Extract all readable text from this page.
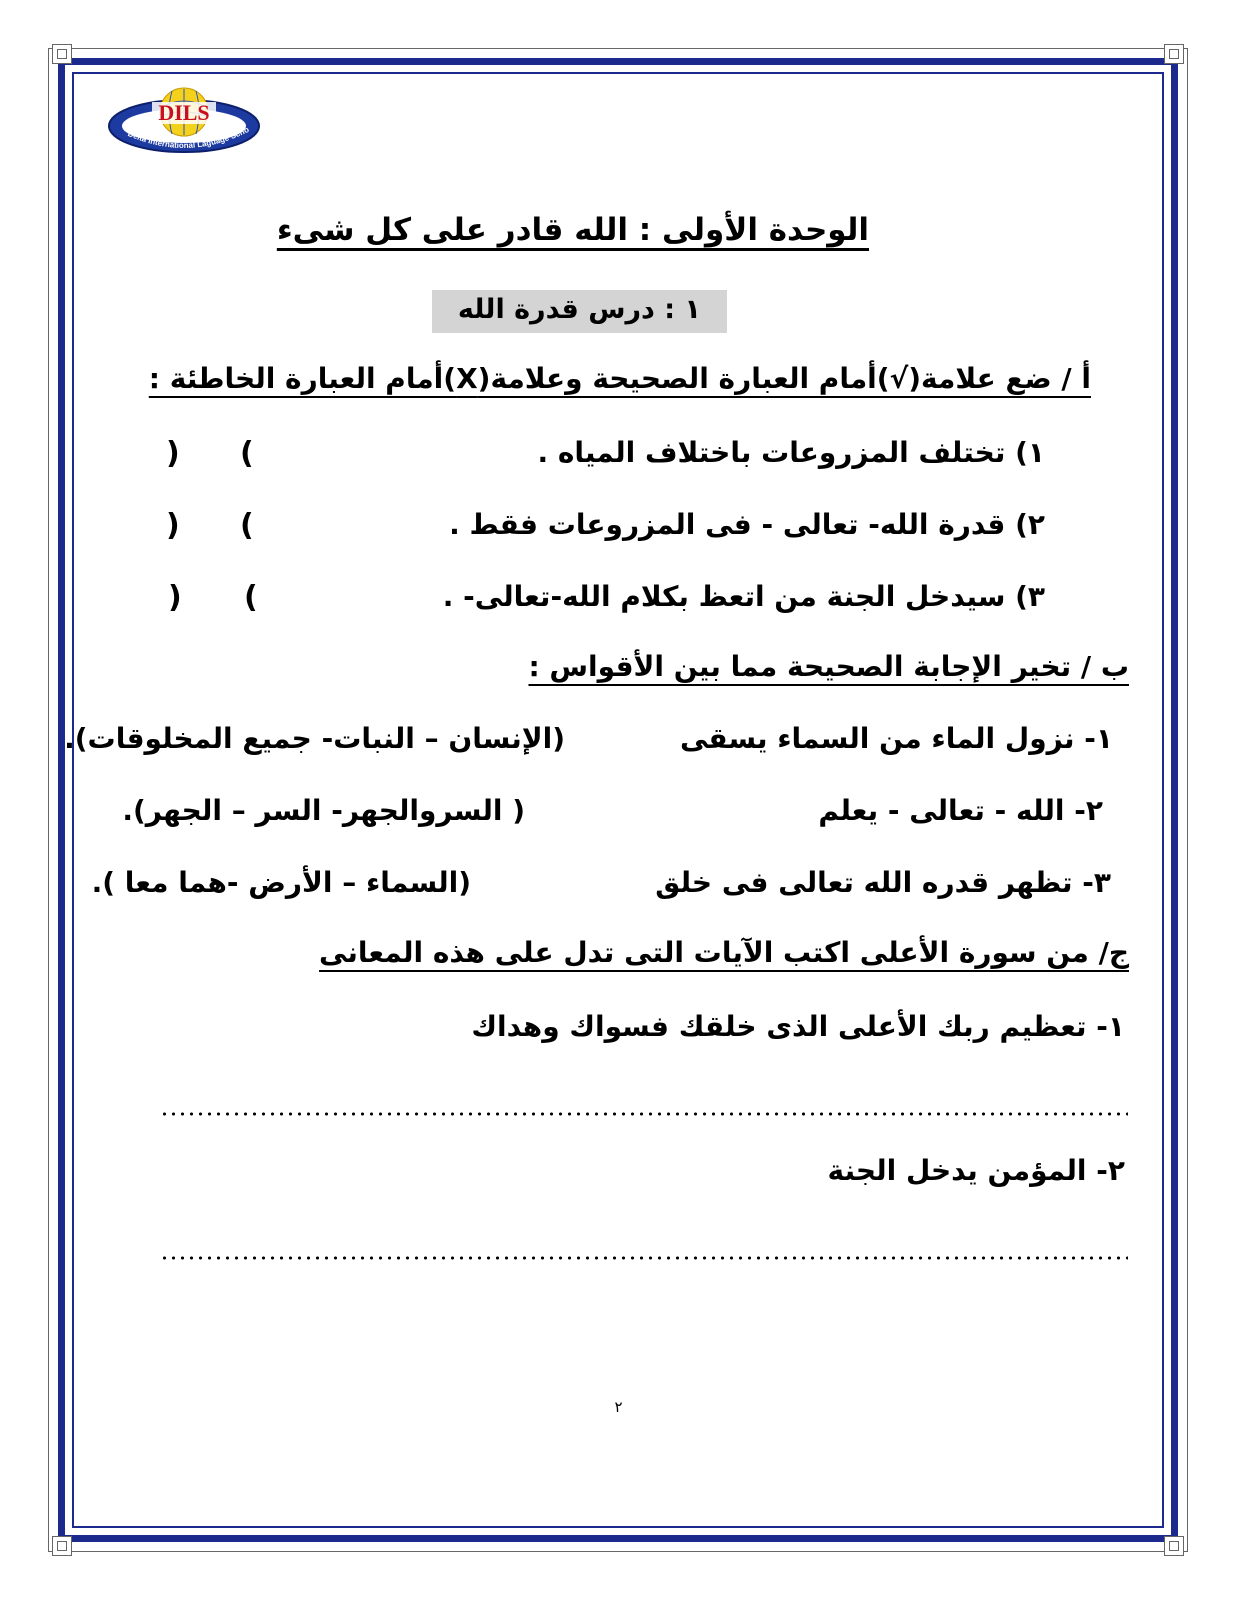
DILS
Delta International Laguage Scho
الوحدة الأولى : الله قادر على كل شىء
١ : درس قدرة الله
أ / ضع علامة(√)أمام العبارة الصحيحة وعلامة(X)أمام العبارة الخاطئة :
١) تختلف المزروعات باختلاف المياه .
(
)
٢) قدرة الله- تعالى - فى المزروعات فقط .
(
)
٣) سيدخل الجنة من اتعظ بكلام الله-تعالى- .
(
)
ب / تخير الإجابة الصحيحة مما بين الأقواس :
١- نزول الماء من السماء يسقى
(الإنسان – النبات- جميع المخلوقات).
٢- الله - تعالى - يعلم
( السروالجهر- السر – الجهر).
٣- تظهر قدره الله تعالى فى خلق
(السماء – الأرض -هما معا ).
ج/ من سورة الأعلى اكتب الآيات التى تدل على هذه المعانى
١- تعظيم ربك الأعلى الذى خلقك فسواك وهداك
٢- المؤمن يدخل الجنة
٢
